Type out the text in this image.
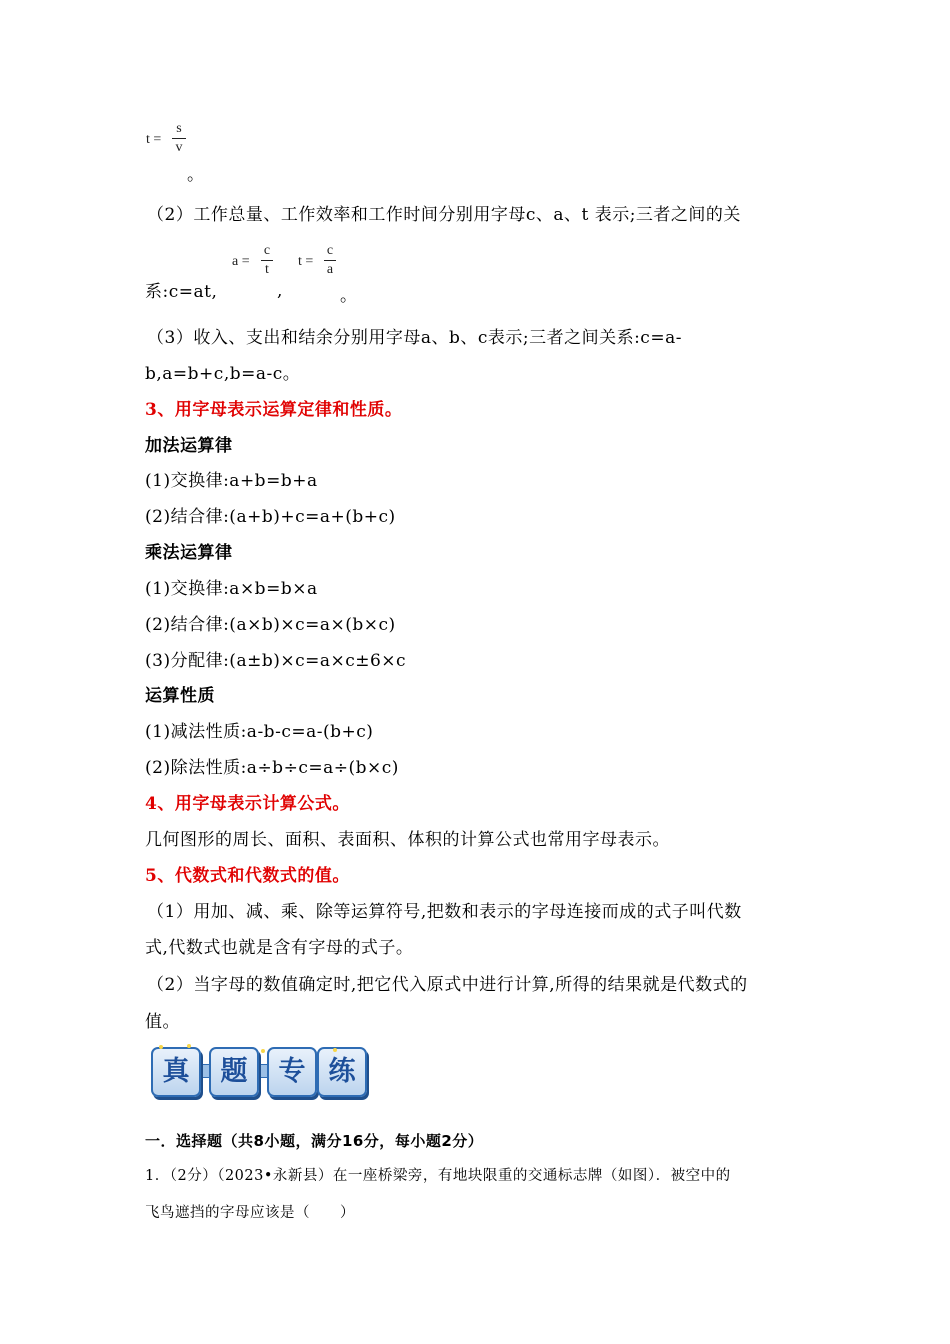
t =
s
v
。
（2）工作总量、工作效率和工作时间分别用字母c、a、t 表示;三者之间的关
a =
c
t
t =
c
a
系:c=at,	,	。
（3）收入、支出和结余分别用字母a、b、c表示;三者之间关系:c=a-
b,a=b+c,b=a-c。
3、用字母表示运算定律和性质。
加法运算律
(1)交换律:a+b=b+a
(2)结合律:(a+b)+c=a+(b+c)
乘法运算律
(1)交换律:a×b=b×a
(2)结合律:(a×b)×c=a×(b×c)
(3)分配律:(a±b)×c=a×c±6×c
运算性质
(1)减法性质:a-b-c=a-(b+c)
(2)除法性质:a÷b÷c=a÷(b×c)
4、用字母表示计算公式。
几何图形的周长、面积、表面积、体积的计算公式也常用字母表示。
5、代数式和代数式的值。
（1）用加、减、乘、除等运算符号,把数和表示的字母连接而成的式子叫代数
式,代数式也就是含有字母的式子。
（2）当字母的数值确定时,把它代入原式中进行计算,所得的结果就是代数式的
值。
真	题	专 练
一．选择题（共8小题，满分16分，每小题2分）
1．（2分）（2023•永新县）在一座桥梁旁，有地块限重的交通标志牌（如图）．被空中的
飞鸟遮挡的字母应该是（　　）
